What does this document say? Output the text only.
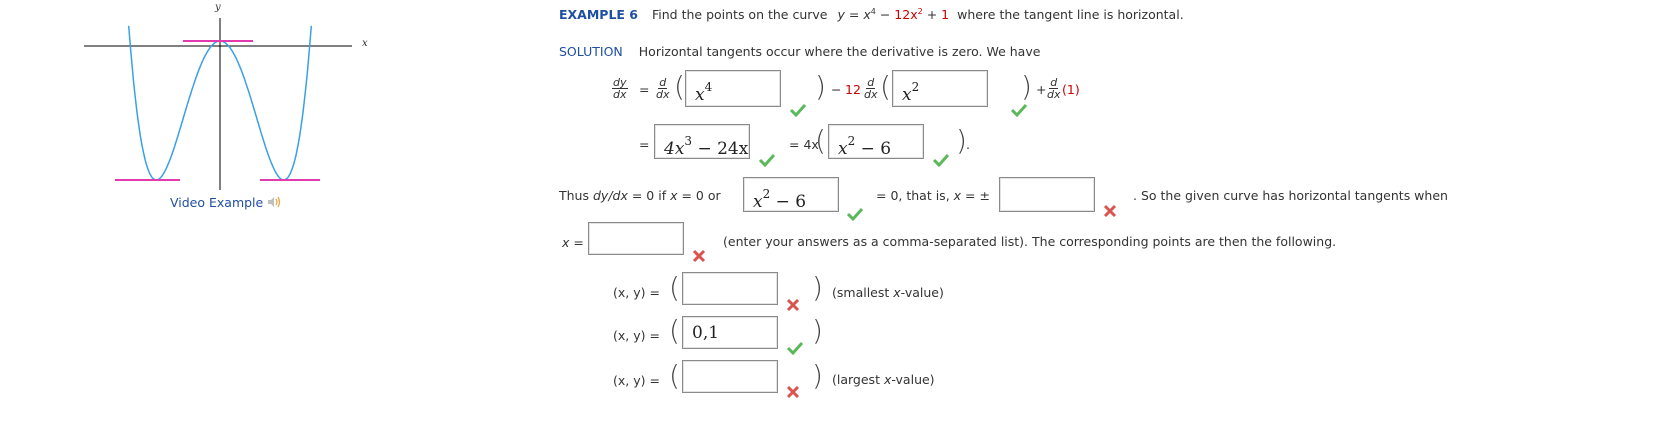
y
x
Video Example
EXAMPLE 6 Find the points on the curve $y = x^4 - 12x^2 + 1$ where the tangent line is horizontal.
SOLUTION Horizontal tangents occur where the derivative is zero. We have
$\frac{dy}{dx} = \frac{d}{dx}$ ( $x^4$	) − $12 \frac{d}{dx}$ ( $x^2$	) + $\frac{d}{dx} (1)$
= $4x^3 - 24x$	= 4x
( $x^2 - 6$	) .
Thus dy/dx = 0 if x = 0 or	$x^2 - 6$	= 0, that is, x = ±	. So the given curve has horizontal tangents when
x =	(enter your answers as a comma-separated list). The corresponding points are then the following.
(x, y) = (	) (smallest x-value)
(x, y) = ( 0,1	)
(x, y) = (	) (largest x-value)
